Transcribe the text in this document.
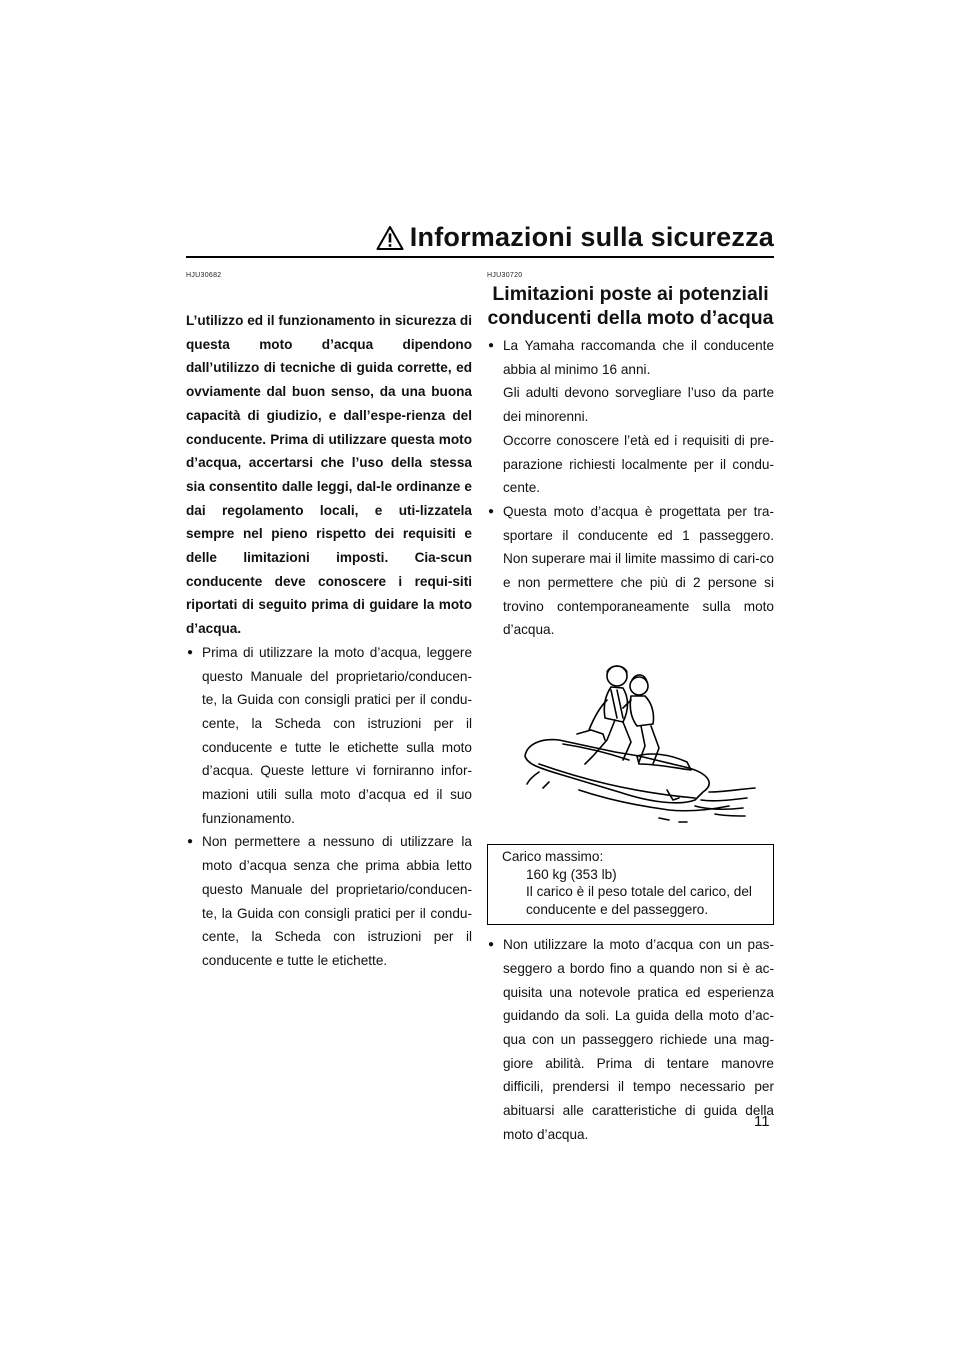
Informazioni sulla sicurezza
HJU30682
L’utilizzo ed il funzionamento in sicurezza di questa moto d’acqua dipendono dall’utilizzo di tecniche di guida corrette, ed ovviamente dal buon senso, da una buona capacità di giudizio, e dall’espe-rienza del conducente. Prima di utilizzare questa moto d’acqua, accertarsi che l’uso della stessa sia consentito dalle leggi, dal-le ordinanze e dai regolamento locali, e uti-lizzatela sempre nel pieno rispetto dei requisiti e delle limitazioni imposti. Cia-scun conducente deve conoscere i requi-siti riportati di seguito prima di guidare la moto d’acqua.
● Prima di utilizzare la moto d’acqua, leggere questo Manuale del proprietario/conducen-te, la Guida con consigli pratici per il condu-cente, la Scheda con istruzioni per il conducente e tutte le etichette sulla moto d’acqua. Queste letture vi forniranno infor-mazioni utili sulla moto d’acqua ed il suo funzionamento.
● Non permettere a nessuno di utilizzare la moto d’acqua senza che prima abbia letto questo Manuale del proprietario/conducen-te, la Guida con consigli pratici per il condu-cente, la Scheda con istruzioni per il conducente e tutte le etichette.
HJU30720
Limitazioni poste ai potenziali
conducenti della moto d’acqua
● La Yamaha raccomanda che il conducente abbia al minimo 16 anni.

Gli adulti devono sorvegliare l’uso da parte dei minorenni.

Occorre conoscere l’età ed i requisiti di pre-parazione richiesti localmente per il condu-cente.

● Questa moto d’acqua è progettata per tra-sportare il conducente ed 1 passeggero. Non superare mai il limite massimo di cari-co e non permettere che più di 2 persone si trovino contemporaneamente sulla moto d’acqua.
Carico massimo:
160 kg (353 lb)
Il carico è il peso totale del carico, del conducente e del passeggero.
● Non utilizzare la moto d’acqua con un pas-seggero a bordo fino a quando non si è ac-quisita una notevole pratica ed esperienza guidando da soli. La guida della moto d’ac-qua con un passeggero richiede una mag-giore abilità. Prima di tentare manovre difficili, prendersi il tempo necessario per abituarsi alle caratteristiche di guida della moto d’acqua.
11
